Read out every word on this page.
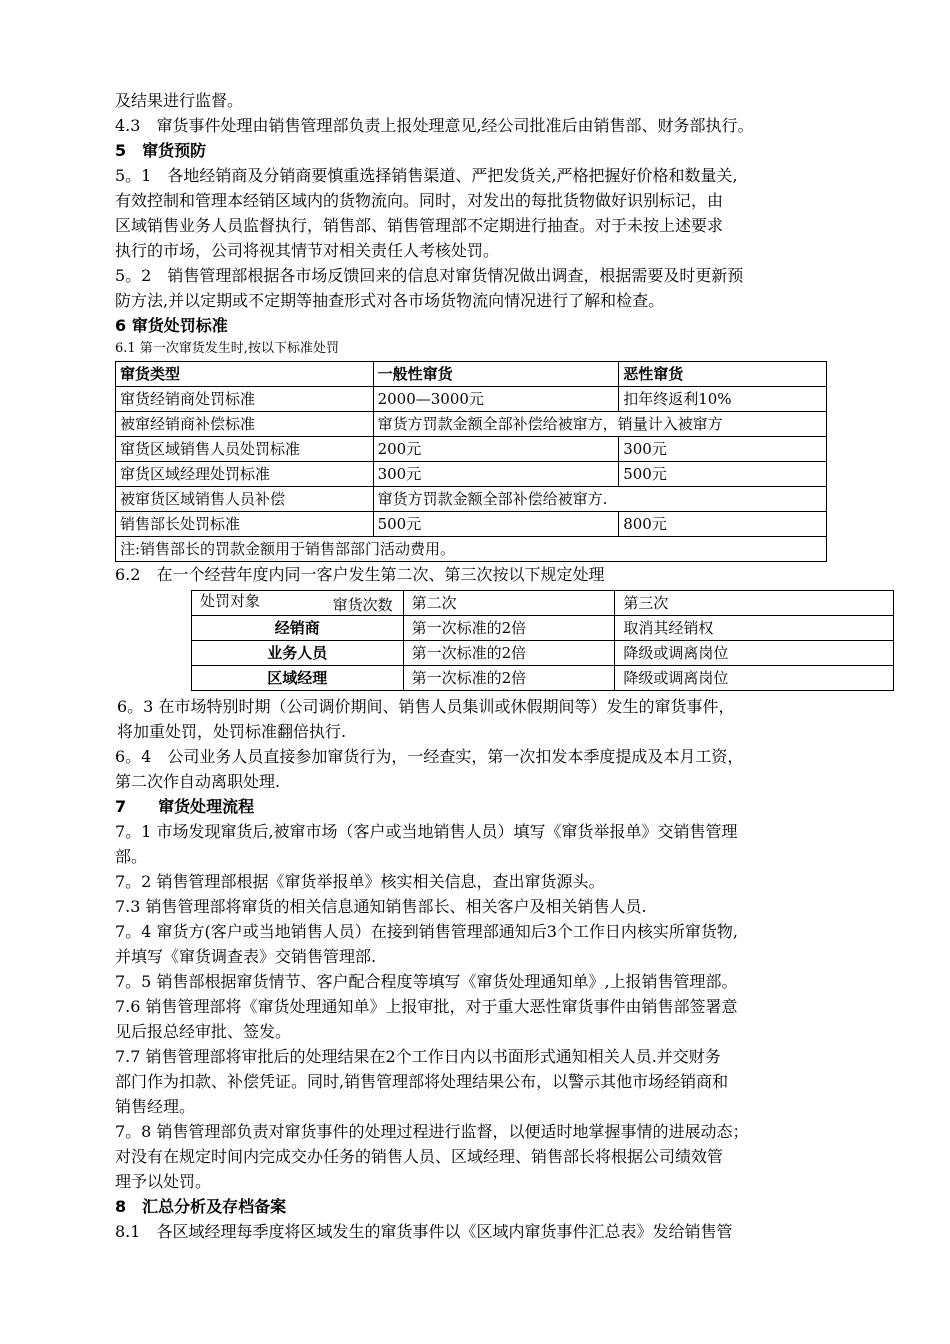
及结果进行监督。

4.3　窜货事件处理由销售管理部负责上报处理意见,经公司批准后由销售部、财务部执行。

5　窜货预防

5。1　各地经销商及分销商要慎重选择销售渠道、严把发货关,严格把握好价格和数量关,

有效控制和管理本经销区域内的货物流向。同时，对发出的每批货物做好识别标记，由

区域销售业务人员监督执行，销售部、销售管理部不定期进行抽查。对于未按上述要求

执行的市场，公司将视其情节对相关责任人考核处罚。

5。2　销售管理部根据各市场反馈回来的信息对窜货情况做出调查，根据需要及时更新预

防方法,并以定期或不定期等抽查形式对各市场货物流向情况进行了解和检查。

6 窜货处罚标准

6.1 第一次窜货发生时,按以下标准处罚

窜货类型	一般性窜货	恶性窜货
窜货经销商处罚标准	2000—3000元	扣年终返利10%
被窜经销商补偿标准	窜货方罚款金额全部补偿给被窜方，销量计入被窜方	
窜货区域销售人员处罚标准	200元	300元
窜货区域经理处罚标准	300元	500元
被窜货区域销售人员补偿	窜货方罚款金额全部补偿给被窜方.	
销售部长处罚标准	500元	800元
注:销售部长的罚款金额用于销售部部门活动费用。		

6.2　在一个经营年度内同一客户发生第二次、第三次按以下规定处理

窜货次数
处罚对象	第二次	第三次
经销商	第一次标准的2倍	取消其经销权
业务人员	第一次标准的2倍	降级或调离岗位
区域经理	第一次标准的2倍	降级或调离岗位

6。3 在市场特别时期（公司调价期间、销售人员集训或休假期间等）发生的窜货事件，

将加重处罚，处罚标准翻倍执行.

6。4　公司业务人员直接参加窜货行为，一经查实，第一次扣发本季度提成及本月工资，

第二次作自动离职处理.

7　　窜货处理流程

7。1 市场发现窜货后,被窜市场（客户或当地销售人员）填写《窜货举报单》交销售管理

部。

7。2 销售管理部根据《窜货举报单》核实相关信息，查出窜货源头。

7.3 销售管理部将窜货的相关信息通知销售部长、相关客户及相关销售人员.

7。4 窜货方(客户或当地销售人员）在接到销售管理部通知后3个工作日内核实所窜货物,

并填写《窜货调查表》交销售管理部.

7。5 销售部根据窜货情节、客户配合程度等填写《窜货处理通知单》,上报销售管理部。

7.6 销售管理部将《窜货处理通知单》上报审批，对于重大恶性窜货事件由销售部签署意

见后报总经审批、签发。

7.7 销售管理部将审批后的处理结果在2个工作日内以书面形式通知相关人员.并交财务

部门作为扣款、补偿凭证。同时,销售管理部将处理结果公布，以警示其他市场经销商和

销售经理。

7。8 销售管理部负责对窜货事件的处理过程进行监督，以便适时地掌握事情的进展动态；

对没有在规定时间内完成交办任务的销售人员、区域经理、销售部长将根据公司绩效管

理予以处罚。

8　汇总分析及存档备案

8.1　各区域经理每季度将区域发生的窜货事件以《区域内窜货事件汇总表》发给销售管
